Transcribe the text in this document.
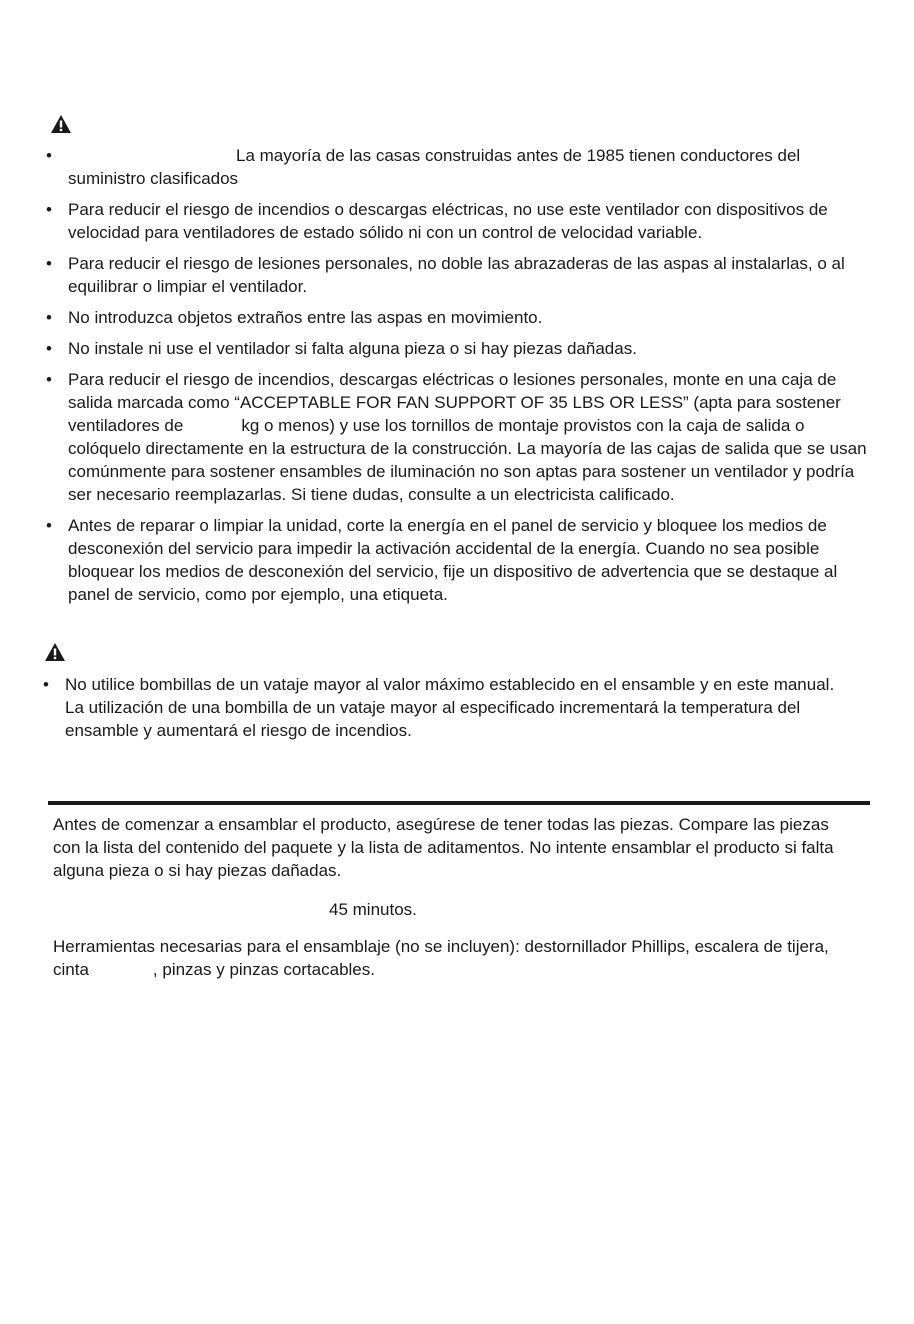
•	La mayoría de las casas construidas antes de 1985 tienen conductores del
suministro clasificados
• Para reducir el riesgo de incendios o descargas eléctricas, no use este ventilador con dispositivos de velocidad para ventiladores de estado sólido ni con un control de velocidad variable.
• Para reducir el riesgo de lesiones personales, no doble las abrazaderas de las aspas al instalarlas, o al equilibrar o limpiar el ventilador.
• No introduzca objetos extraños entre las aspas en movimiento.
• No instale ni use el ventilador si falta alguna pieza o si hay piezas dañadas.
• Para reducir el riesgo de incendios, descargas eléctricas o lesiones personales, monte en una caja de salida marcada como “ACCEPTABLE FOR FAN SUPPORT OF 35 LBS OR LESS” (apta para sostener ventiladores de	kg o menos) y use los tornillos de montaje provistos con la caja de salida o colóquelo directamente en la estructura de la construcción. La mayoría de las cajas de salida que se usan comúnmente para sostener ensambles de iluminación no son aptas para sostener un ventilador y podría ser necesario reemplazarlas. Si tiene dudas, consulte a un electricista calificado.
• Antes de reparar o limpiar la unidad, corte la energía en el panel de servicio y bloquee los medios de desconexión del servicio para impedir la activación accidental de la energía. Cuando no sea posible bloquear los medios de desconexión del servicio, fije un dispositivo de advertencia que se destaque al panel de servicio, como por ejemplo, una etiqueta.
• No utilice bombillas de un vataje mayor al valor máximo establecido en el ensamble y en este manual. La utilización de una bombilla de un vataje mayor al especificado incrementará la temperatura del ensamble y aumentará el riesgo de incendios.

Antes de comenzar a ensamblar el producto, asegúrese de tener todas las piezas. Compare las piezas con la lista del contenido del paquete y la lista de aditamentos. No intente ensamblar el producto si falta alguna pieza o si hay piezas dañadas.

45 minutos.

Herramientas necesarias para el ensamblaje (no se incluyen): destornillador Phillips, escalera de tijera, cinta	, pinzas y pinzas cortacables.
